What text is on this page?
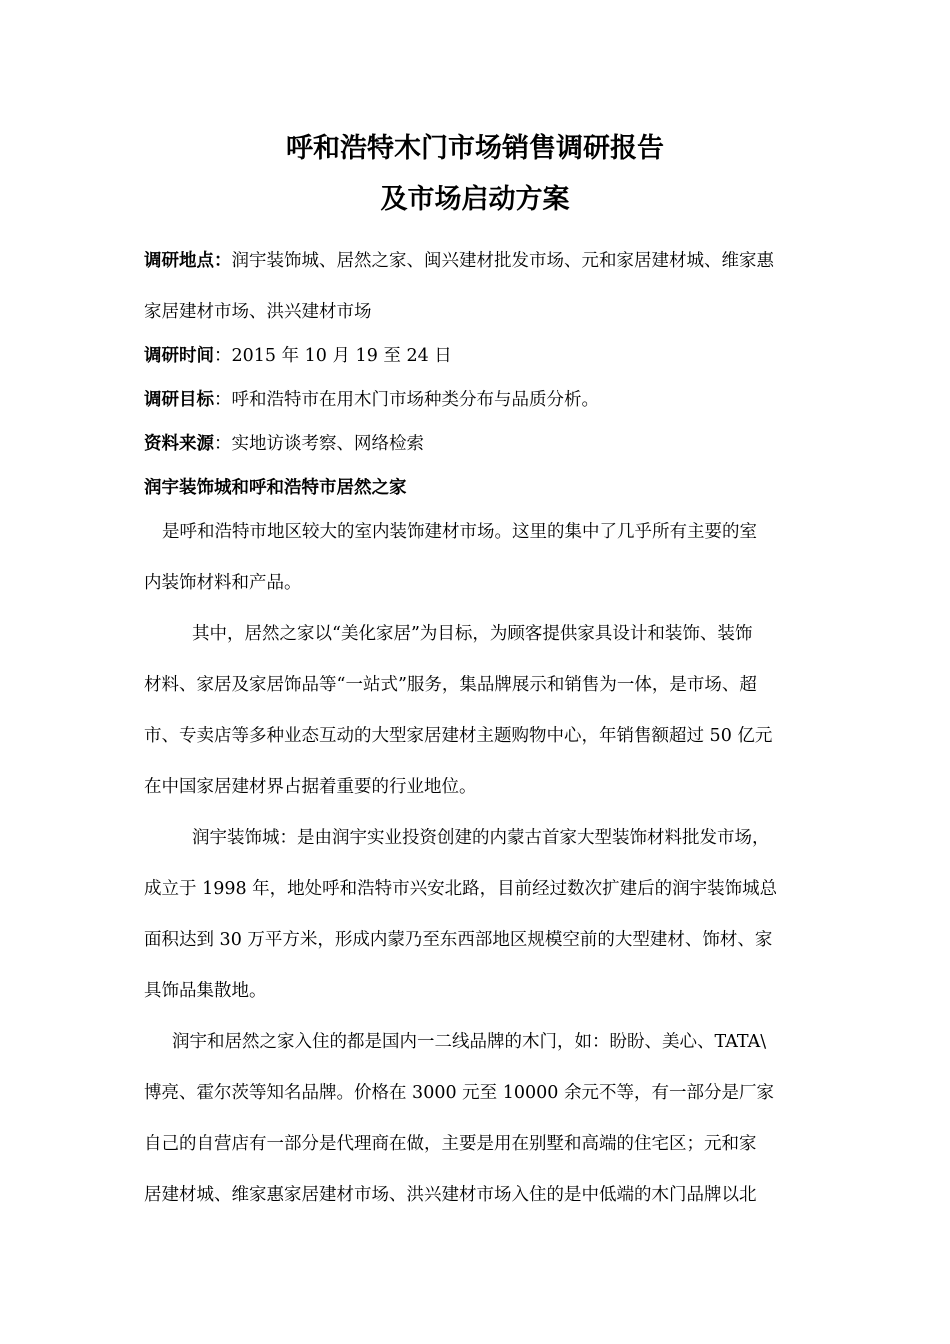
呼和浩特木门市场销售调研报告
及市场启动方案
调研地点：润宇装饰城、居然之家、闽兴建材批发市场、元和家居建材城、维家惠
家居建材市场、洪兴建材市场
调研时间：2015 年 10 月 19 至 24 日
调研目标：呼和浩特市在用木门市场种类分布与品质分析。
资料来源：实地访谈考察、网络检索
润宇装饰城和呼和浩特市居然之家
是呼和浩特市地区较大的室内装饰建材市场。这里的集中了几乎所有主要的室
内装饰材料和产品。
其中，居然之家以“美化家居”为目标，为顾客提供家具设计和装饰、装饰
材料、家居及家居饰品等“一站式”服务，集品牌展示和销售为一体，是市场、超
市、专卖店等多种业态互动的大型家居建材主题购物中心，年销售额超过 50 亿元
在中国家居建材界占据着重要的行业地位。
润宇装饰城：是由润宇实业投资创建的内蒙古首家大型装饰材料批发市场，
成立于 1998 年，地处呼和浩特市兴安北路，目前经过数次扩建后的润宇装饰城总
面积达到 30 万平方米，形成内蒙乃至东西部地区规模空前的大型建材、饰材、家
具饰品集散地。
润宇和居然之家入住的都是国内一二线品牌的木门，如：盼盼、美心、TATA\
博亮、霍尔茨等知名品牌。价格在 3000 元至 10000 余元不等，有一部分是厂家
自己的自营店有一部分是代理商在做，主要是用在别墅和高端的住宅区；元和家
居建材城、维家惠家居建材市场、洪兴建材市场入住的是中低端的木门品牌以北
